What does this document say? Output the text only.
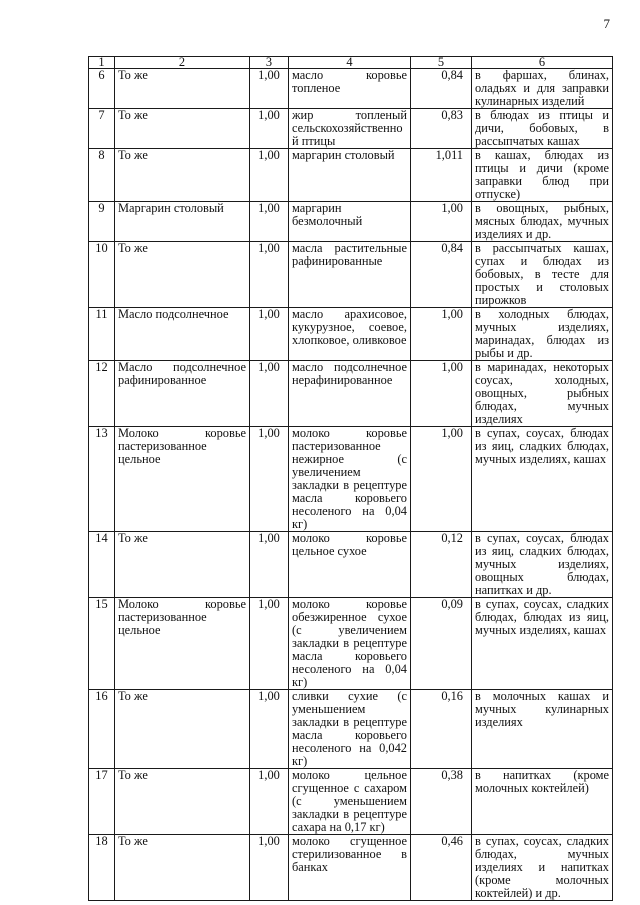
7
1	2	3	4	5	6
6	То же	1,00	масло коровье топленое	0,84	в фаршах, блинах, оладьях и для заправки кулинарных изделий
7	То же	1,00	жир топленый сельскохозяйственной птицы	0,83	в блюдах из птицы и дичи, бобовых, в рассыпчатых кашах
8	То же	1,00	маргарин столовый	1,011	в кашах, блюдах из птицы и дичи (кроме заправки блюд при отпуске)
9	Маргарин столовый	1,00	маргарин безмолочный	1,00	в овощных, рыбных, мясных блюдах, мучных изделиях и др.
10	То же	1,00	масла растительные рафинированные	0,84	в рассыпчатых кашах, супах и блюдах из бобовых, в тесте для простых и столовых пирожков
11	Масло подсолнечное	1,00	масло арахисовое, кукурузное, соевое, хлопковое, оливковое	1,00	в холодных блюдах, мучных изделиях, маринадах, блюдах из рыбы и др.
12	Масло подсолнечное рафинированное	1,00	масло подсолнечное нерафинированное	1,00	в маринадах, некоторых соусах, холодных, овощных, рыбных блюдах, мучных изделиях
13	Молоко коровье пастеризованное цельное	1,00	молоко коровье пастеризованное нежирное (с увеличением закладки в рецептуре масла коровьего несоленого на 0,04 кг)	1,00	в супах, соусах, блюдах из яиц, сладких блюдах, мучных изделиях, кашах
14	То же	1,00	молоко коровье цельное сухое	0,12	в супах, соусах, блюдах из яиц, сладких блюдах, мучных изделиях, овощных блюдах, напитках и др.
15	Молоко коровье пастеризованное цельное	1,00	молоко коровье обезжиренное сухое (с увеличением закладки в рецептуре масла коровьего несоленого на 0,04 кг)	0,09	в супах, соусах, сладких блюдах, блюдах из яиц, мучных изделиях, кашах
16	То же	1,00	сливки сухие (с уменьшением закладки в рецептуре масла коровьего несоленого на 0,042 кг)	0,16	в молочных кашах и мучных кулинарных изделиях
17	То же	1,00	молоко цельное сгущенное с сахаром (с уменьшением закладки в рецептуре сахара на 0,17 кг)	0,38	в напитках (кроме молочных коктейлей)
18	То же	1,00	молоко сгущенное стерилизованное в банках	0,46	в супах, соусах, сладких блюдах, мучных изделиях и напитках (кроме молочных коктейлей) и др.
